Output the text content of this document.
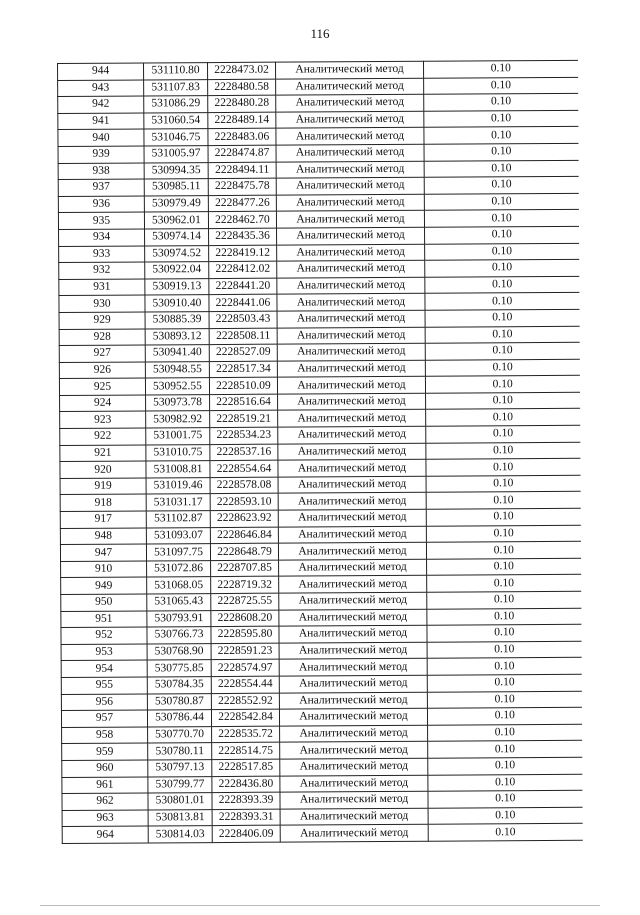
116
944	531110.80	2228473.02	Аналитический метод	0.10
943	531107.83	2228480.58	Аналитический метод	0.10
942	531086.29	2228480.28	Аналитический метод	0.10
941	531060.54	2228489.14	Аналитический метод	0.10
940	531046.75	2228483.06	Аналитический метод	0.10
939	531005.97	2228474.87	Аналитический метод	0.10
938	530994.35	2228494.11	Аналитический метод	0.10
937	530985.11	2228475.78	Аналитический метод	0.10
936	530979.49	2228477.26	Аналитический метод	0.10
935	530962.01	2228462.70	Аналитический метод	0.10
934	530974.14	2228435.36	Аналитический метод	0.10
933	530974.52	2228419.12	Аналитический метод	0.10
932	530922.04	2228412.02	Аналитический метод	0.10
931	530919.13	2228441.20	Аналитический метод	0.10
930	530910.40	2228441.06	Аналитический метод	0.10
929	530885.39	2228503.43	Аналитический метод	0.10
928	530893.12	2228508.11	Аналитический метод	0.10
927	530941.40	2228527.09	Аналитический метод	0.10
926	530948.55	2228517.34	Аналитический метод	0.10
925	530952.55	2228510.09	Аналитический метод	0.10
924	530973.78	2228516.64	Аналитический метод	0.10
923	530982.92	2228519.21	Аналитический метод	0.10
922	531001.75	2228534.23	Аналитический метод	0.10
921	531010.75	2228537.16	Аналитический метод	0.10
920	531008.81	2228554.64	Аналитический метод	0.10
919	531019.46	2228578.08	Аналитический метод	0.10
918	531031.17	2228593.10	Аналитический метод	0.10
917	531102.87	2228623.92	Аналитический метод	0.10
948	531093.07	2228646.84	Аналитический метод	0.10
947	531097.75	2228648.79	Аналитический метод	0.10
910	531072.86	2228707.85	Аналитический метод	0.10
949	531068.05	2228719.32	Аналитический метод	0.10
950	531065.43	2228725.55	Аналитический метод	0.10
951	530793.91	2228608.20	Аналитический метод	0.10
952	530766.73	2228595.80	Аналитический метод	0.10
953	530768.90	2228591.23	Аналитический метод	0.10
954	530775.85	2228574.97	Аналитический метод	0.10
955	530784.35	2228554.44	Аналитический метод	0.10
956	530780.87	2228552.92	Аналитический метод	0.10
957	530786.44	2228542.84	Аналитический метод	0.10
958	530770.70	2228535.72	Аналитический метод	0.10
959	530780.11	2228514.75	Аналитический метод	0.10
960	530797.13	2228517.85	Аналитический метод	0.10
961	530799.77	2228436.80	Аналитический метод	0.10
962	530801.01	2228393.39	Аналитический метод	0.10
963	530813.81	2228393.31	Аналитический метод	0.10
964	530814.03	2228406.09	Аналитический метод	0.10
